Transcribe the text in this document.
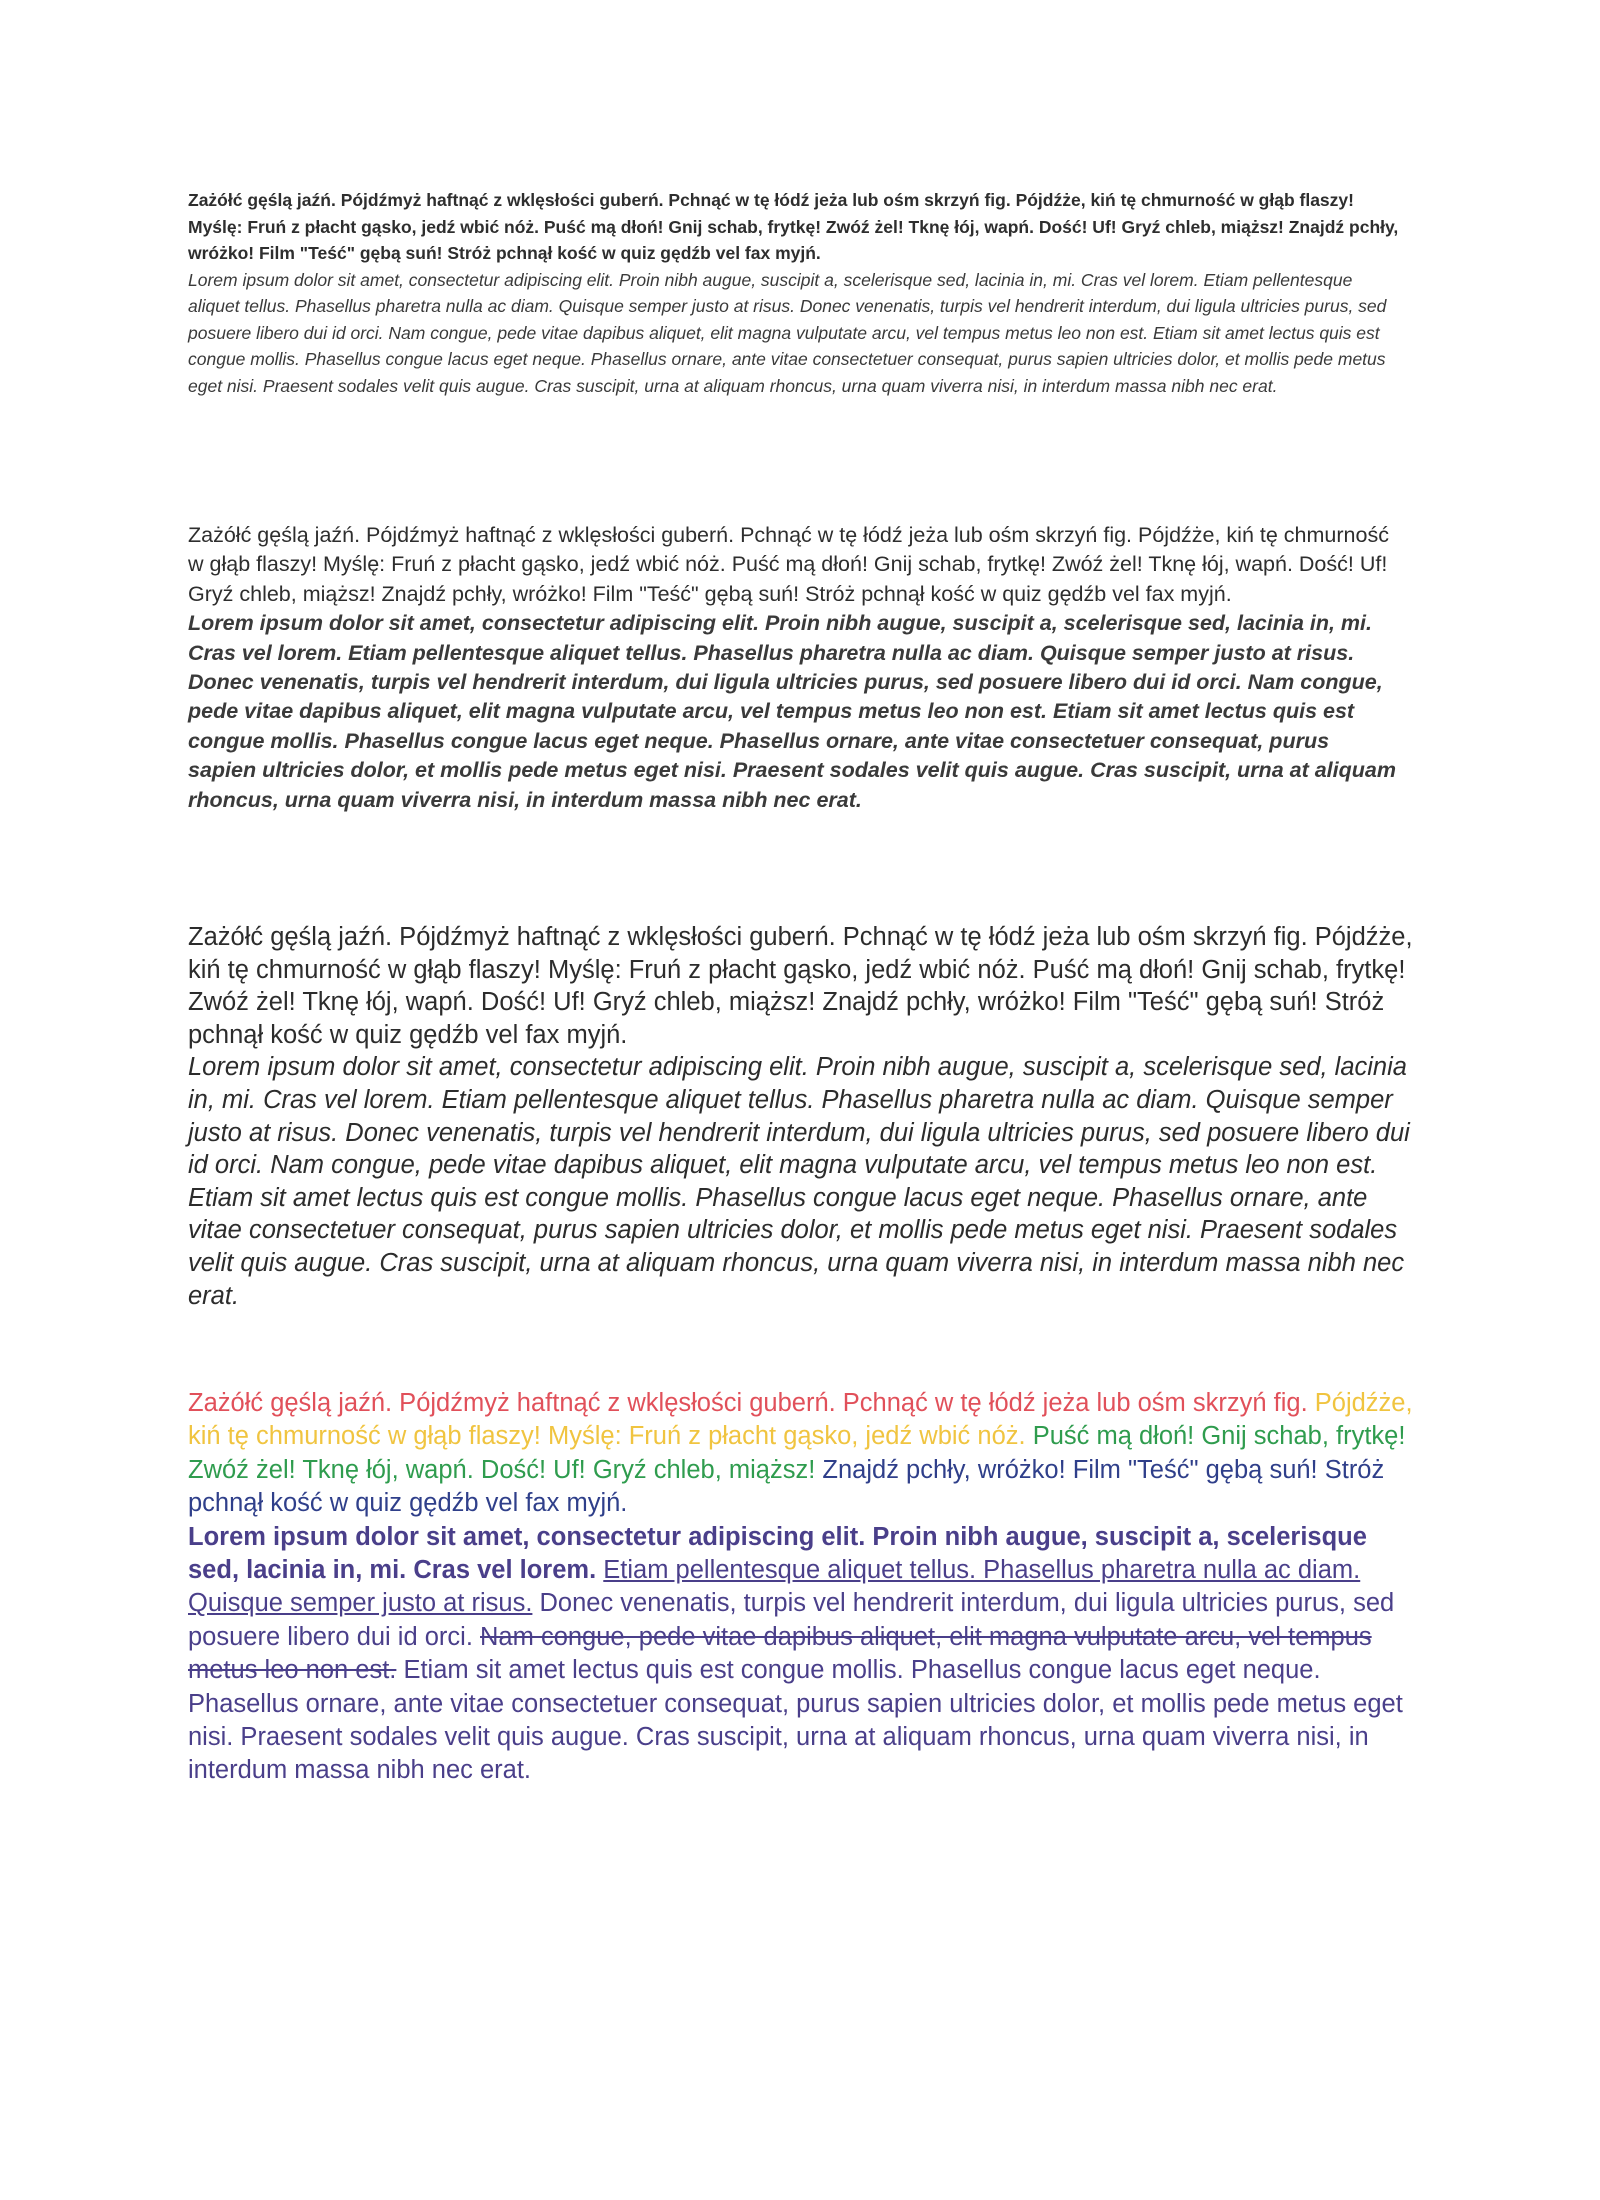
Zażółć gęślą jaźń. Pójdźmyż haftnąć z wklęsłości guberń. Pchnąć w tę łódź jeża lub ośm skrzyń fig. Pójdźże, kiń tę chmurność w głąb flaszy! Myślę: Fruń z płacht gąsko, jedź wbić nóż. Puść mą dłoń! Gnij schab, frytkę! Zwóź żel! Tknę łój, wapń. Dość! Uf! Gryź chleb, miąższ! Znajdź pchły, wróżko! Film "Teść" gębą suń! Stróż pchnął kość w quiz gędźb vel fax myjń.

Lorem ipsum dolor sit amet, consectetur adipiscing elit. Proin nibh augue, suscipit a, scelerisque sed, lacinia in, mi. Cras vel lorem. Etiam pellentesque aliquet tellus. Phasellus pharetra nulla ac diam. Quisque semper justo at risus. Donec venenatis, turpis vel hendrerit interdum, dui ligula ultricies purus, sed posuere libero dui id orci. Nam congue, pede vitae dapibus aliquet, elit magna vulputate arcu, vel tempus metus leo non est. Etiam sit amet lectus quis est congue mollis. Phasellus congue lacus eget neque. Phasellus ornare, ante vitae consectetuer consequat, purus sapien ultricies dolor, et mollis pede metus eget nisi. Praesent sodales velit quis augue. Cras suscipit, urna at aliquam rhoncus, urna quam viverra nisi, in interdum massa nibh nec erat.

Zażółć gęślą jaźń. Pójdźmyż haftnąć z wklęsłości guberń. Pchnąć w tę łódź jeża lub ośm skrzyń fig. Pójdźże, kiń tę chmurność w głąb flaszy! Myślę: Fruń z płacht gąsko, jedź wbić nóż. Puść mą dłoń! Gnij schab, frytkę! Zwóź żel! Tknę łój, wapń. Dość! Uf! Gryź chleb, miąższ! Znajdź pchły, wróżko! Film "Teść" gębą suń! Stróż pchnął kość w quiz gędźb vel fax myjń.

Lorem ipsum dolor sit amet, consectetur adipiscing elit. Proin nibh augue, suscipit a, scelerisque sed, lacinia in, mi. Cras vel lorem. Etiam pellentesque aliquet tellus. Phasellus pharetra nulla ac diam. Quisque semper justo at risus. Donec venenatis, turpis vel hendrerit interdum, dui ligula ultricies purus, sed posuere libero dui id orci. Nam congue, pede vitae dapibus aliquet, elit magna vulputate arcu, vel tempus metus leo non est. Etiam sit amet lectus quis est congue mollis. Phasellus congue lacus eget neque. Phasellus ornare, ante vitae consectetuer consequat, purus sapien ultricies dolor, et mollis pede metus eget nisi. Praesent sodales velit quis augue. Cras suscipit, urna at aliquam rhoncus, urna quam viverra nisi, in interdum massa nibh nec erat.

Zażółć gęślą jaźń. Pójdźmyż haftnąć z wklęsłości guberń. Pchnąć w tę łódź jeża lub ośm skrzyń fig. Pójdźże, kiń tę chmurność w głąb flaszy! Myślę: Fruń z płacht gąsko, jedź wbić nóż. Puść mą dłoń! Gnij schab, frytkę! Zwóź żel! Tknę łój, wapń. Dość! Uf! Gryź chleb, miąższ! Znajdź pchły, wróżko! Film "Teść" gębą suń! Stróż pchnął kość w quiz gędźb vel fax myjń.

Lorem ipsum dolor sit amet, consectetur adipiscing elit. Proin nibh augue, suscipit a, scelerisque sed, lacinia in, mi. Cras vel lorem. Etiam pellentesque aliquet tellus. Phasellus pharetra nulla ac diam. Quisque semper justo at risus. Donec venenatis, turpis vel hendrerit interdum, dui ligula ultricies purus, sed posuere libero dui id orci. Nam congue, pede vitae dapibus aliquet, elit magna vulputate arcu, vel tempus metus leo non est. Etiam sit amet lectus quis est congue mollis. Phasellus congue lacus eget neque. Phasellus ornare, ante vitae consectetuer consequat, purus sapien ultricies dolor, et mollis pede metus eget nisi. Praesent sodales velit quis augue. Cras suscipit, urna at aliquam rhoncus, urna quam viverra nisi, in interdum massa nibh nec erat.

Zażółć gęślą jaźń. Pójdźmyż haftnąć z wklęsłości guberń. Pchnąć w tę łódź jeża lub ośm skrzyń fig. Pójdźże, kiń tę chmurność w głąb flaszy! Myślę: Fruń z płacht gąsko, jedź wbić nóż. Puść mą dłoń! Gnij schab, frytkę! Zwóź żel! Tknę łój, wapń. Dość! Uf! Gryź chleb, miąższ! Znajdź pchły, wróżko! Film "Teść" gębą suń! Stróż pchnął kość w quiz gędźb vel fax myjń.

Lorem ipsum dolor sit amet, consectetur adipiscing elit. Proin nibh augue, suscipit a, scelerisque sed, lacinia in, mi. Cras vel lorem. Etiam pellentesque aliquet tellus. Phasellus pharetra nulla ac diam. Quisque semper justo at risus. Donec venenatis, turpis vel hendrerit interdum, dui ligula ultricies purus, sed posuere libero dui id orci. Nam congue, pede vitae dapibus aliquet, elit magna vulputate arcu, vel tempus metus leo non est. Etiam sit amet lectus quis est congue mollis. Phasellus congue lacus eget neque. Phasellus ornare, ante vitae consectetuer consequat, purus sapien ultricies dolor, et mollis pede metus eget nisi. Praesent sodales velit quis augue. Cras suscipit, urna at aliquam rhoncus, urna quam viverra nisi, in interdum massa nibh nec erat.
